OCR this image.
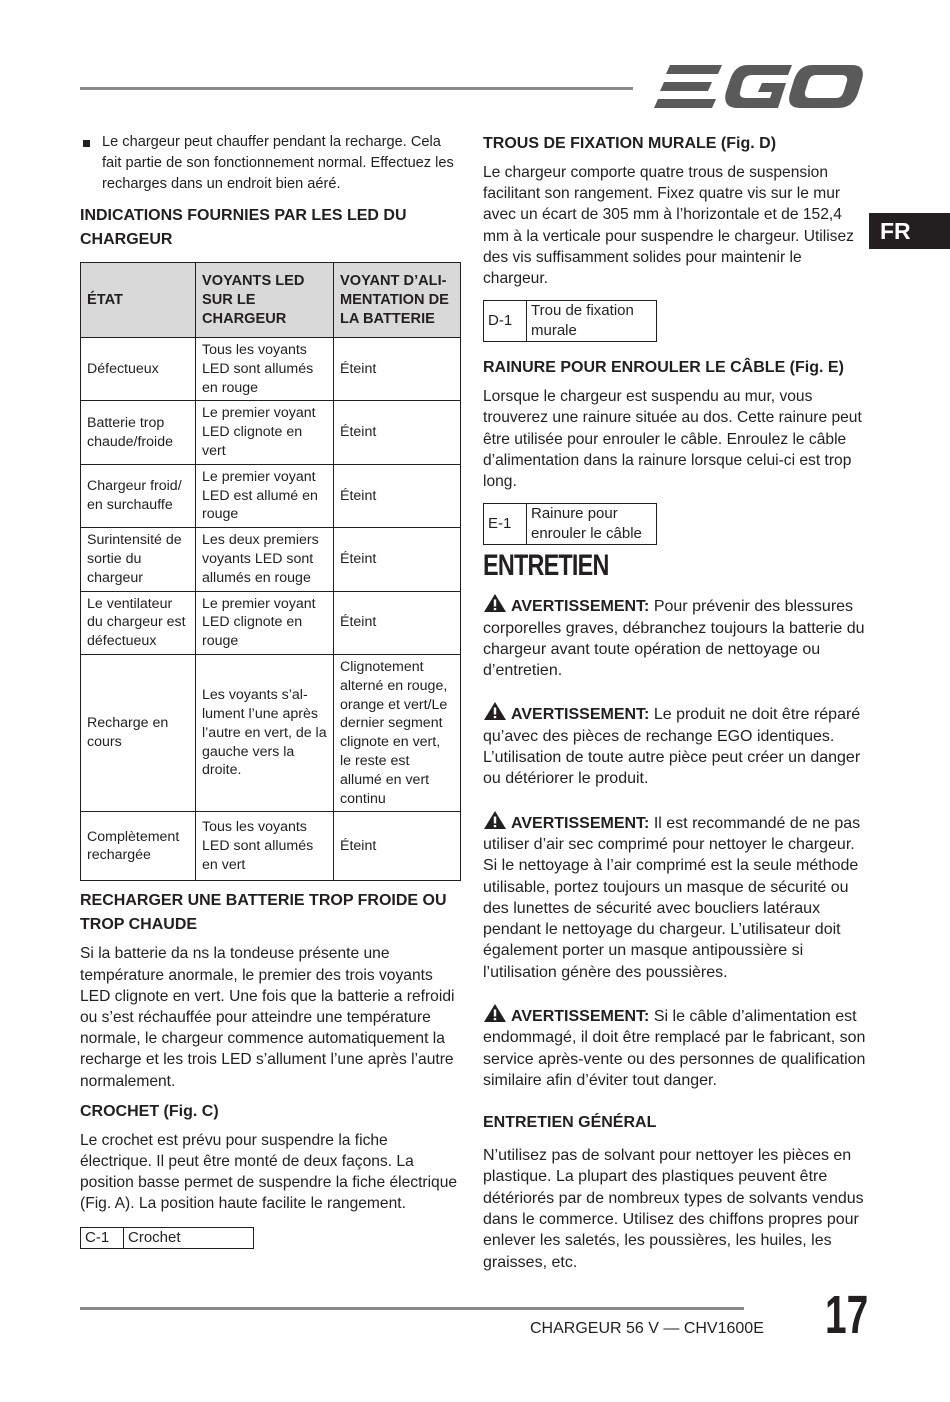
FR
Le chargeur peut chauffer pendant la recharge. Cela fait partie de son fonctionnement normal. Effectuez les recharges dans un endroit bien aéré.
INDICATIONS FOURNIES PAR LES LED DU CHARGEUR
ÉTAT	VOYANTS LED SUR LE CHARGEUR	VOYANT D’ALI-MENTATION DE LA BATTERIE
Défectueux	Tous les voyants LED sont allumés en rouge	Éteint
Batterie trop chaude/froide	Le premier voyant LED clignote en vert	Éteint
Chargeur froid/ en surchauffe	Le premier voyant LED est allumé en rouge	Éteint
Surintensité de sortie du chargeur	Les deux premiers voyants LED sont allumés en rouge	Éteint
Le ventilateur du chargeur est défectueux	Le premier voyant LED clignote en rouge	Éteint
Recharge en cours	Les voyants s’al-lument l’une après l’autre en vert, de la gauche vers la droite.	Clignotement alterné en rouge, orange et vert/Le dernier segment clignote en vert, le reste est allumé en vert continu
Complètement rechargée	Tous les voyants LED sont allumés en vert	Éteint
RECHARGER UNE BATTERIE TROP FROIDE OU TROP CHAUDE

Si la batterie da ns la tondeuse présente une température anormale, le premier des trois voyants LED clignote en vert. Une fois que la batterie a refroidi ou s’est réchauffée pour atteindre une température normale, le chargeur commence automatiquement la recharge et les trois LED s’allument l’une après l’autre normalement.

CROCHET (Fig. C)

Le crochet est prévu pour suspendre la fiche électrique. Il peut être monté de deux façons. La position basse permet de suspendre la fiche électrique (Fig. A). La position haute facilite le rangement.

C-1	Crochet
TROUS DE FIXATION MURALE (Fig. D)

Le chargeur comporte quatre trous de suspension facilitant son rangement. Fixez quatre vis sur le mur avec un écart de 305 mm à l’horizontale et de 152,4 mm à la verticale pour suspendre le chargeur. Utilisez des vis suffisamment solides pour maintenir le chargeur.

D-1	Trou de fixation murale
RAINURE POUR ENROULER LE CÂBLE (Fig. E)

Lorsque le chargeur est suspendu au mur, vous trouverez une rainure située au dos. Cette rainure peut être utilisée pour enrouler le câble. Enroulez le câble d’alimentation dans la rainure lorsque celui-ci est trop long.

E-1	Rainure pour enrouler le câble
ENTRETIEN
AVERTISSEMENT: Pour prévenir des blessures corporelles graves, débranchez toujours la batterie du chargeur avant toute opération de nettoyage ou d’entretien.
AVERTISSEMENT: Le produit ne doit être réparé qu’avec des pièces de rechange EGO identiques. L’utilisation de toute autre pièce peut créer un danger ou détériorer le produit.
AVERTISSEMENT: Il est recommandé de ne pas utiliser d’air sec comprimé pour nettoyer le chargeur. Si le nettoyage à l’air comprimé est la seule méthode utilisable, portez toujours un masque de sécurité ou des lunettes de sécurité avec boucliers latéraux pendant le nettoyage du chargeur. L’utilisateur doit également porter un masque antipoussière si l’utilisation génère des poussières.
AVERTISSEMENT: Si le câble d’alimentation est endommagé, il doit être remplacé par le fabricant, son service après-vente ou des personnes de qualification similaire afin d’éviter tout danger.
ENTRETIEN GÉNÉRAL

N’utilisez pas de solvant pour nettoyer les pièces en plastique. La plupart des plastiques peuvent être détériorés par de nombreux types de solvants vendus dans le commerce. Utilisez des chiffons propres pour enlever les saletés, les poussières, les huiles, les graisses, etc.

CHARGEUR 56 V — CHV1600E 17
